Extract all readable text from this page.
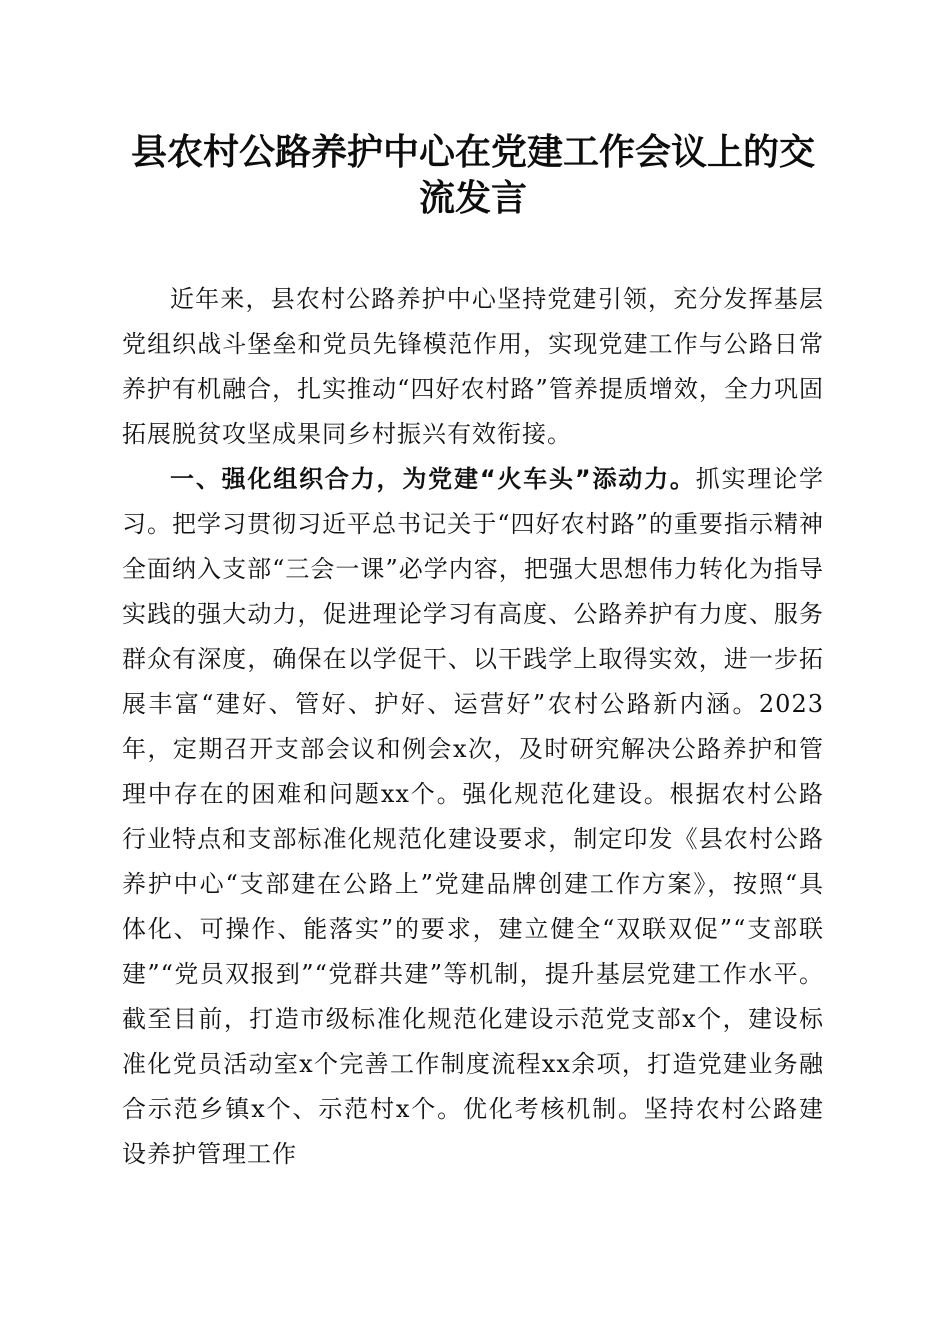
县农村公路养护中心在党建工作会议上的交流发言

近年来，县农村公路养护中心坚持党建引领，充分发挥基层党组织战斗堡垒和党员先锋模范作用，实现党建工作与公路日常养护有机融合，扎实推动“四好农村路”管养提质增效，全力巩固拓展脱贫攻坚成果同乡村振兴有效衔接。

一、强化组织合力，为党建“火车头”添动力。抓实理论学习。把学习贯彻习近平总书记关于“四好农村路”的重要指示精神全面纳入支部“三会一课”必学内容，把强大思想伟力转化为指导实践的强大动力，促进理论学习有高度、公路养护有力度、服务群众有深度，确保在以学促干、以干践学上取得实效，进一步拓展丰富“建好、管好、护好、运营好”农村公路新内涵。2023年，定期召开支部会议和例会x次，及时研究解决公路养护和管理中存在的困难和问题xx个。强化规范化建设。根据农村公路行业特点和支部标准化规范化建设要求，制定印发《县农村公路养护中心“支部建在公路上”党建品牌创建工作方案》，按照“具体化、可操作、能落实”的要求，建立健全“双联双促”“支部联建”“党员双报到”“党群共建”等机制，提升基层党建工作水平。截至目前，打造市级标准化规范化建设示范党支部x个，建设标准化党员活动室x个完善工作制度流程xx余项，打造党建业务融合示范乡镇x个、示范村x个。优化考核机制。坚持农村公路建设养护管理工作
